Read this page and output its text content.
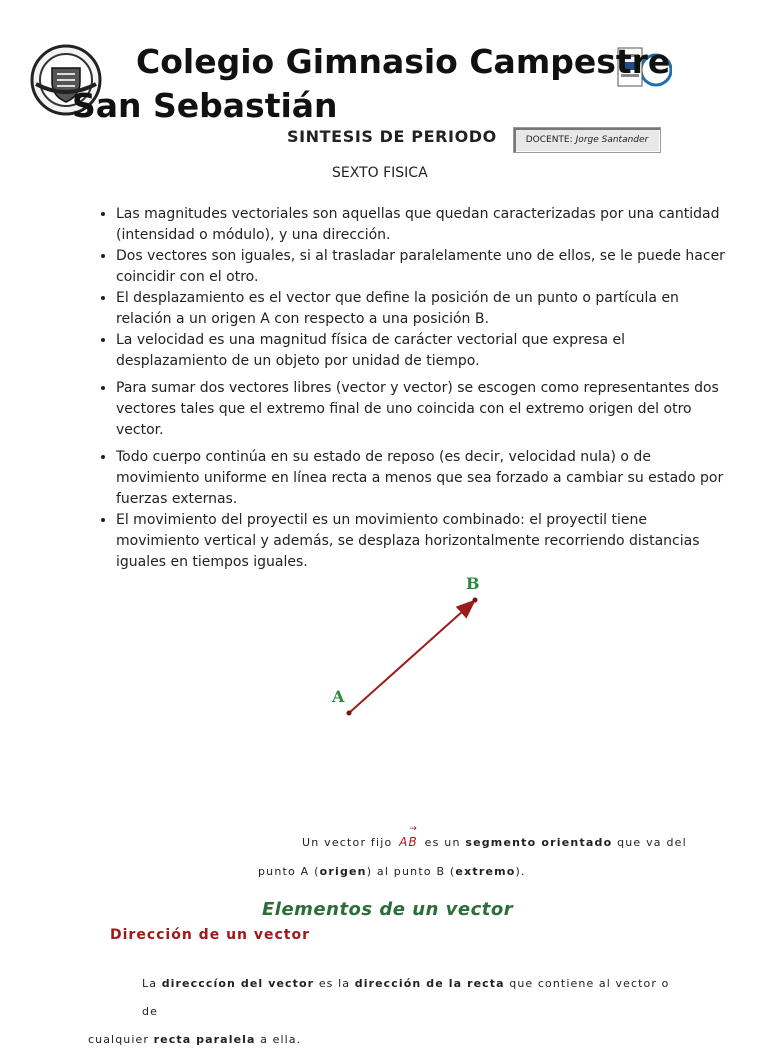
Colegio Gimnasio Campestre
San Sebastián
SINTESIS DE PERIODO	DOCENTE: Jorge Santander
SEXTO FISICA
• Las magnitudes vectoriales son aquellas que quedan caracterizadas por una cantidad (intensidad o módulo), y una dirección.
• Dos vectores son iguales, si al trasladar paralelamente uno de ellos, se le puede hacer coincidir con el otro.
• El desplazamiento es el vector que define la posición de un punto o partícula en relación a un origen A con respecto a una posición B.
• La velocidad es una magnitud física de carácter vectorial que expresa el desplazamiento de un objeto por unidad de tiempo.
• Para sumar dos vectores libres (vector y vector) se escogen como representantes dos vectores tales que el extremo final de uno coincida con el extremo origen del otro vector.
• Todo cuerpo continúa en su estado de reposo (es decir, velocidad nula) o de movimiento uniforme en línea recta a menos que sea forzado a cambiar su estado por fuerzas externas.
• El movimiento del proyectil es un movimiento combinado: el proyectil tiene movimiento vertical y además, se desplaza horizontalmente recorriendo distancias iguales en tiempos iguales.
A
B
Un vector fijo
→
AB es un segmento orientado que va del
punto A (origen) al punto B (extremo).
Elementos de un vector
Dirección de un vector
La direcccíon del vector es la dirección de la recta que contiene al vector o de
cualquier recta paralela a ella.
